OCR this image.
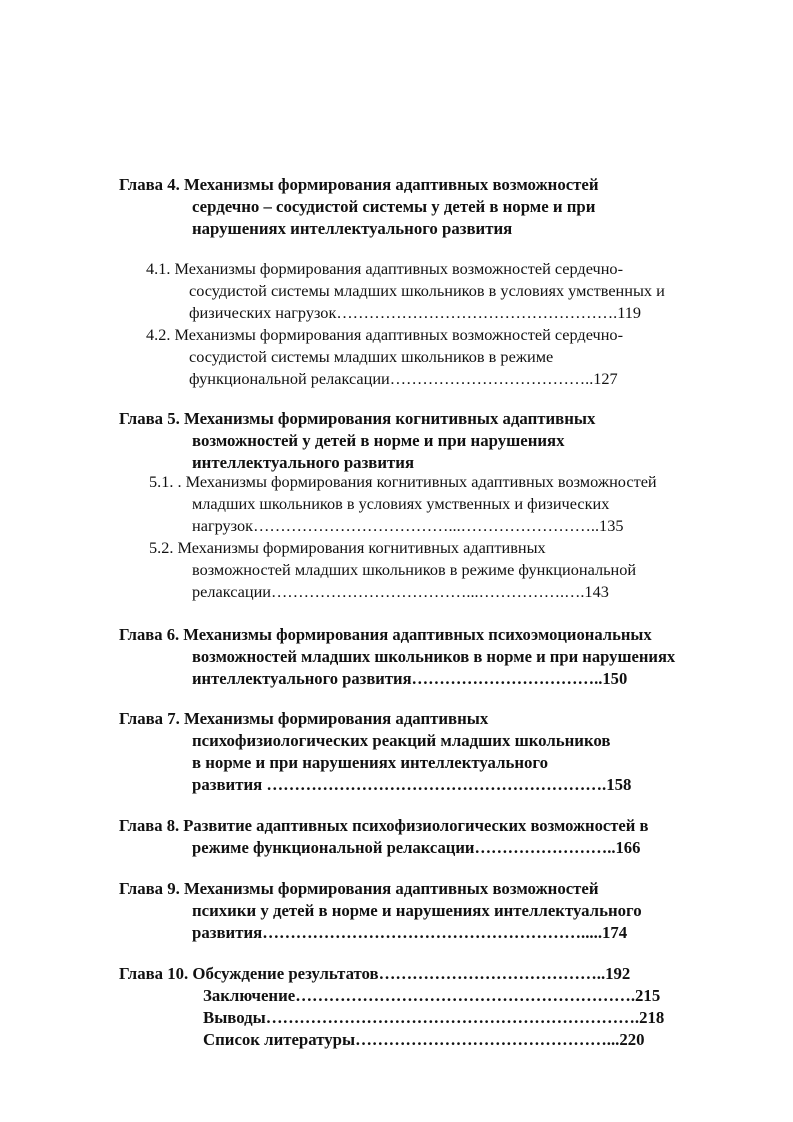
Глава 4. Механизмы формирования адаптивных возможностей
сердечно – сосудистой системы у детей в норме и при
нарушениях интеллектуального развития
4.1. Механизмы формирования адаптивных возможностей сердечно-
сосудистой системы младших школьников в условиях умственных и
физических нагрузок…………………………………………….119
4.2. Механизмы формирования адаптивных возможностей сердечно-
сосудистой системы младших школьников в режиме
функциональной релаксации………………………………..127
Глава 5. Механизмы формирования когнитивных адаптивных
возможностей у детей в норме и при нарушениях
интеллектуального развития
5.1. . Механизмы формирования когнитивных адаптивных возможностей
младших школьников в условиях умственных и физических
нагрузок………………………………...……………………..135
5.2. Механизмы формирования когнитивных адаптивных
возможностей младших школьников в режиме функциональной
релаксации………………………………...…………….….143
Глава 6. Механизмы формирования адаптивных психоэмоциональных
возможностей младших школьников в норме и при нарушениях
интеллектуального развития……………………………..150
Глава 7. Механизмы формирования адаптивных
психофизиологических реакций младших школьников
в норме и при нарушениях интеллектуального
развития …………………………………………………….158
Глава 8. Развитие адаптивных психофизиологических возможностей в
режиме функциональной релаксации……………………..166
Глава 9. Механизмы формирования адаптивных возможностей
психики у детей в норме и нарушениях интеллектуального
развития………………………………………………….....174
Глава 10. Обсуждение результатов…………………………………..192
Заключение…………………………………………………….215
Выводы………………………………………………………….218
Список литературы………………………………………...220
